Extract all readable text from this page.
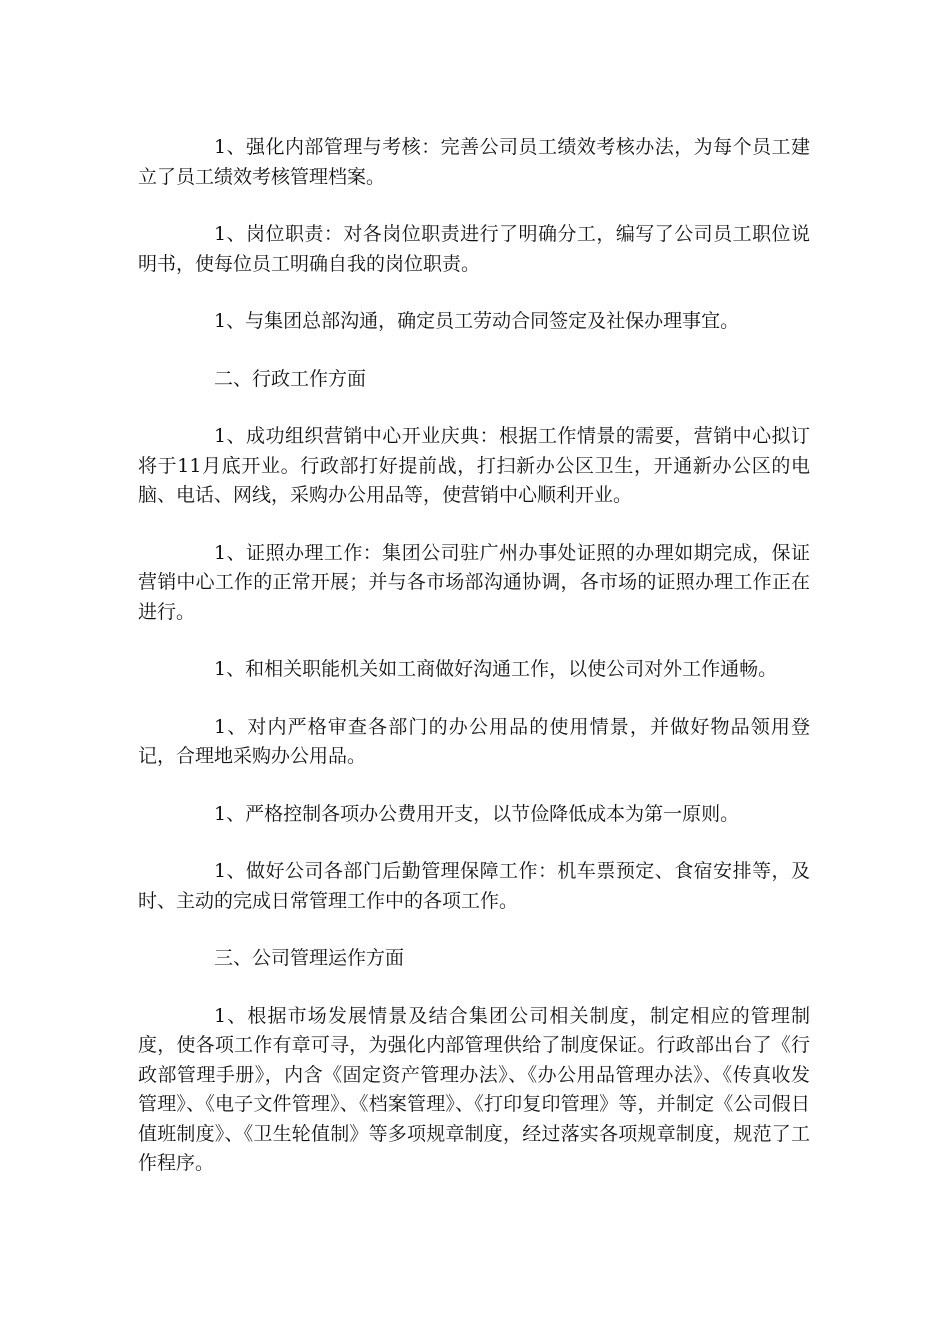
1、强化内部管理与考核：完善公司员工绩效考核办法，为每个员工建立了员工绩效考核管理档案。

1、岗位职责：对各岗位职责进行了明确分工，编写了公司员工职位说明书，使每位员工明确自我的岗位职责。

1、与集团总部沟通，确定员工劳动合同签定及社保办理事宜。

二、行政工作方面

1、成功组织营销中心开业庆典：根据工作情景的需要，营销中心拟订将于11月底开业。行政部打好提前战，打扫新办公区卫生，开通新办公区的电脑、电话、网线，采购办公用品等，使营销中心顺利开业。

1、证照办理工作：集团公司驻广州办事处证照的办理如期完成，保证营销中心工作的正常开展；并与各市场部沟通协调，各市场的证照办理工作正在进行。

1、和相关职能机关如工商做好沟通工作，以使公司对外工作通畅。

1、对内严格审查各部门的办公用品的使用情景，并做好物品领用登记，合理地采购办公用品。

1、严格控制各项办公费用开支，以节俭降低成本为第一原则。

1、做好公司各部门后勤管理保障工作：机车票预定、食宿安排等，及时、主动的完成日常管理工作中的各项工作。

三、公司管理运作方面

1、根据市场发展情景及结合集团公司相关制度，制定相应的管理制度，使各项工作有章可寻，为强化内部管理供给了制度保证。行政部出台了《行政部管理手册》，内含《固定资产管理办法》、《办公用品管理办法》、《传真收发管理》、《电子文件管理》、《档案管理》、《打印复印管理》等，并制定《公司假日值班制度》、《卫生轮值制》等多项规章制度，经过落实各项规章制度，规范了工作程序。
